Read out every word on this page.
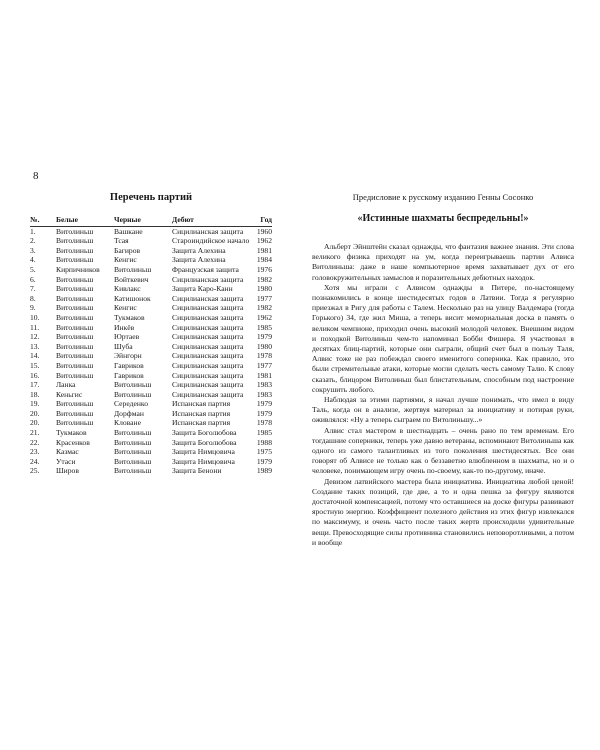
8
Перечень партий
№.	Белые	Черные	Дебют	Год
1.	Витолиньш	Вашкане	Сицилианская защита	1960
2.	Витолиньш	Тсая	Староиндийское начало	1962
3.	Витолиньш	Багиров	Защита Алехина	1981
4.	Витолиньш	Кенгис	Защита Алехина	1984
5.	Кирпичников	Витолиньш	Французская защита	1976
6.	Витолиньш	Войткевич	Сицилианская защита	1982
7.	Витолиньш	Кивлакс	Защита Каро-Канн	1980
8.	Витолиньш	Катишонок	Сицилианская защита	1977
9.	Витолиньш	Кенгис	Сицилианская защита	1982
10.	Витолиньш	Тукмаков	Сицилианская защита	1962
11.	Витолиньш	Инкёв	Сицилианская защита	1985
12.	Витолиньш	Юртаев	Сицилианская защита	1979
13.	Витолиньш	Шуба	Сицилианская защита	1980
14.	Витолиньш	Эйнгорн	Сицилианская защита	1978
15.	Витолиньш	Гавриков	Сицилианская защита	1977
16.	Витолиньш	Гавриков	Сицилианская защита	1981
17.	Ланка	Витолиньш	Сицилианская защита	1983
18.	Кеньгис	Витолиньш	Сицилианская защита	1983
19.	Витолиньш	Середенко	Испанская партия	1979
20.	Витолиньш	Дорфман	Испанская партия	1979
20.	Витолиньш	Кловане	Испанская партия	1978
21.	Тукмаков	Витолиньш	Защита Боголюбова	1985
22.	Красенков	Витолиньш	Защита Боголюбова	1988
23.	Казмас	Витолиньш	Защита Нимцовича	1975
24.	Утаси	Витолиньш	Защита Нимцовича	1979
25.	Широв	Витолиньш	Защита Бенони	1989
Предисловие к русскому изданию Генны Сосонко
«Истинные шахматы беспредельны!»

Альберт Эйнштейн сказал однажды, что фантазия важнее знания. Эти слова великого физика приходят на ум, когда переигрываешь партии Алвиса Витолиньша: даже в наше компьютерное время захватывает дух от его головокружительных замыслов и поразительных дебютных находок.

Хотя мы играли с Алвисом однажды в Питере, по-настоящему познакомились в конце шестидесятых годов в Латвии. Тогда я регулярно приезжал в Ригу для работы с Талем. Несколько раз на улицу Валдемара (тогда Горького) 34, где жил Миша, а теперь висит мемориальная доска в память о великом чемпионе, приходил очень высокий молодой человек. Внешним видом и походкой Витолиньш чем-то напоминал Бобби Фишера. Я участвовал в десятках блиц-партий, которые они сыграли, общий счет был в пользу Таля, Алвис тоже не раз побеждал своего именитого соперника. Как правило, это были стремительные атаки, которые могли сделать честь самому Талю. К слову сказать, блицором Витолиньш был блистательным, способным под настроение сокрушить любого.

Наблюдая за этими партиями, я начал лучше понимать, что имел в виду Таль, когда он в анализе, жертвуя материал за инициативу и потирая руки, оживлялся: «Ну а теперь сыграем по Витолиньшу...»

Алвис стал мастером в шестнадцать – очень рано по тем временам. Его тогдашние соперники, теперь уже давно ветераны, вспоминают Витолиньша как одного из самого талантливых из того поколения шестидесятых. Все они говорят об Алвисе не только как о беззаветно влюбленном в шахматы, но и о человеке, понимающем игру очень по-своему, как-то по-другому, иначе.

Девизом латвийского мастера была инициатива. Инициатива любой ценой! Создание таких позиций, где две, а то и одна пешка за фигуру являются достаточной компенсацией, потому что оставшиеся на доске фигуры развивают яростную энергию. Коэффициент полезного действия из этих фигур извлекался по максимуму, и очень часто после таких жертв происходили удивительные вещи. Превосходящие силы противника становились неповоротливыми, а потом и вообще
